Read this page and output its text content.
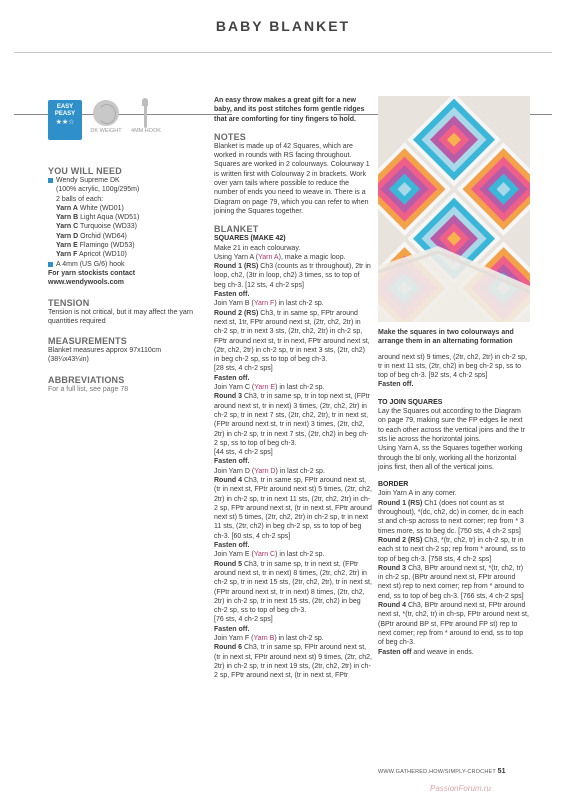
BABY BLANKET
EASY
PEASY
★★☆
DK WEIGHT	4MM HOOK
YOU WILL NEED
Wendy Supreme DK
(100% acrylic, 100g/295m)
2 balls of each:
Yarn A White (WD01)
Yarn B Light Aqua (WD51)
Yarn C Turquoise (WD33)
Yarn D Orchid (WD64)
Yarn E Flamingo (WD53)
Yarn F Apricot (WD10)
A 4mm (US G/6) hook

For yarn stockists contact

www.wendywools.com

TENSION

Tension is not critical, but it may affect the yarn quantities required

MEASUREMENTS

Blanket measures approx 97x110cm

(38¼x43¼in)

ABBREVIATIONS

For a full list, see page 78

An easy throw makes a great gift for a new baby, and its post stitches form gentle ridges that are comforting for tiny fingers to hold.

NOTES

Blanket is made up of 42 Squares, which are worked in rounds with RS facing throughout. Squares are worked in 2 colourways. Colourway 1 is written first with Colourway 2 in brackets. Work over yarn tails where possible to reduce the number of ends you need to weave in. There is a Diagram on page 79, which you can refer to when joining the Squares together.

BLANKET
SQUARES (MAKE 42)

Make 21 in each colourway.

Using Yarn A (Yarn A), make a magic loop.

Round 1 (RS) Ch3 (counts as tr throughout), 2tr in loop, ch2, (3tr in loop, ch2) 3 times, ss to top of beg ch-3. [12 sts, 4 ch-2 sps]

Fasten off.

Join Yarn B (Yarn F) in last ch-2 sp.

Round 2 (RS) Ch3, tr in same sp, FPtr around next st, 1tr, FPtr around next st, (2tr, ch2, 2tr) in ch-2 sp, tr in next 3 sts, (2tr, ch2, 2tr) in ch-2 sp, FPtr around next st, tr in next, FPtr around next st, (2tr, ch2, 2tr) in ch-2 sp, tr in next 3 sts, (2tr, ch2) in beg ch-2 sp, ss to top of beg ch-3.

[28 sts, 4 ch-2 sps]

Fasten off.

Join Yarn C (Yarn E) in last ch-2 sp.

Round 3 Ch3, tr in same sp, tr in top next st, (FPtr around next st, tr in next) 3 times, (2tr, ch2, 2tr) in ch-2 sp, tr in next 7 sts, (2tr, ch2, 2tr), tr in next st, (FPtr around next st, tr in next) 3 times, (2tr, ch2, 2tr) in ch-2 sp, tr in next 7 sts, (2tr, ch2) in beg ch-2 sp, ss to top of beg ch-3.

[44 sts, 4 ch-2 sps]

Fasten off.

Join Yarn D (Yarn D) in last ch-2 sp.

Round 4 Ch3, tr in same sp, FPtr around next st, (tr in next st, FPtr around next st) 5 times, (2tr, ch2, 2tr) in ch-2 sp, tr in next 11 sts, (2tr, ch2, 2tr) in ch-2 sp, FPtr around next st, (tr in next st, FPtr around next st) 5 times, (2tr, ch2, 2tr) in ch-2 sp, tr in next 11 sts, (2tr, ch2) in beg ch-2 sp, ss to top of beg ch-3. [60 sts, 4 ch-2 sps]

Fasten off.

Join Yarn E (Yarn C) in last ch-2 sp.

Round 5 Ch3, tr in same sp, tr in next st, (FPtr around next st, tr in next) 8 times, (2tr, ch2, 2tr) in ch-2 sp, tr in next 15 sts, (2tr, ch2, 2tr), tr in next st, (FPtr around next st, tr in next) 8 times, (2tr, ch2, 2tr) in ch-2 sp, tr in next 15 sts, (2tr, ch2) in beg ch-2 sp, ss to top of beg ch-3.

[76 sts, 4 ch-2 sps]

Fasten off.

Join Yarn F (Yarn B) in last ch-2 sp.

Round 6 Ch3, tr in same sp, FPtr around next st, (tr in next st, FPtr around next st) 9 times, (2tr, ch2, 2tr) in ch-2 sp, tr in next 19 sts, (2tr, ch2, 2tr) in ch-2 sp, FPtr around next st, (tr in next st, FPtr

Make the squares in two colourways and arrange them in an alternating formation

around next st) 9 times, (2tr, ch2, 2tr) in ch-2 sp, tr in next 11 sts, (2tr, ch2) in beg ch-2 sp, ss to top of beg ch-3. [92 sts, 4 ch-2 sps]

Fasten off.

TO JOIN SQUARES

Lay the Squares out according to the Diagram on page 79, making sure the FP edges lie next to each other across the vertical joins and the tr sts lie across the horizontal joins.

Using Yarn A, ss the Squares together working through the bl only, working all the horizontal joins first, then all of the vertical joins.

BORDER

Join Yarn A in any corner.

Round 1 (RS) Ch1 (does not count as st throughout), *(dc, ch2, dc) in corner, dc in each st and ch-sp across to next corner; rep from * 3 times more, ss to beg dc. [750 sts, 4 ch-2 sps]

Round 2 (RS) Ch3, *(tr, ch2, tr) in ch-2 sp, tr in each st to next ch-2 sp; rep from * around, ss to top of beg ch-3. [758 sts, 4 ch-2 sps]

Round 3 Ch3, BPtr around next st, *(tr, ch2, tr) in ch-2 sp, (BPtr around next st, FPtr around next st) rep to next corner; rep from * around to end, ss to top of beg ch-3. [766 sts, 4 ch-2 sps]

Round 4 Ch3, BPtr around next st, FPtr around next st, *(tr, ch2, tr) in ch-sp, FPtr around next st, (BPtr around BP st, FPtr around FP st) rep to next corner; rep from * around to end, ss to top of beg ch-3.

Fasten off and weave in ends.

WWW.GATHERED.HOW/SIMPLY-CROCHET 51
PassionForum.ru
